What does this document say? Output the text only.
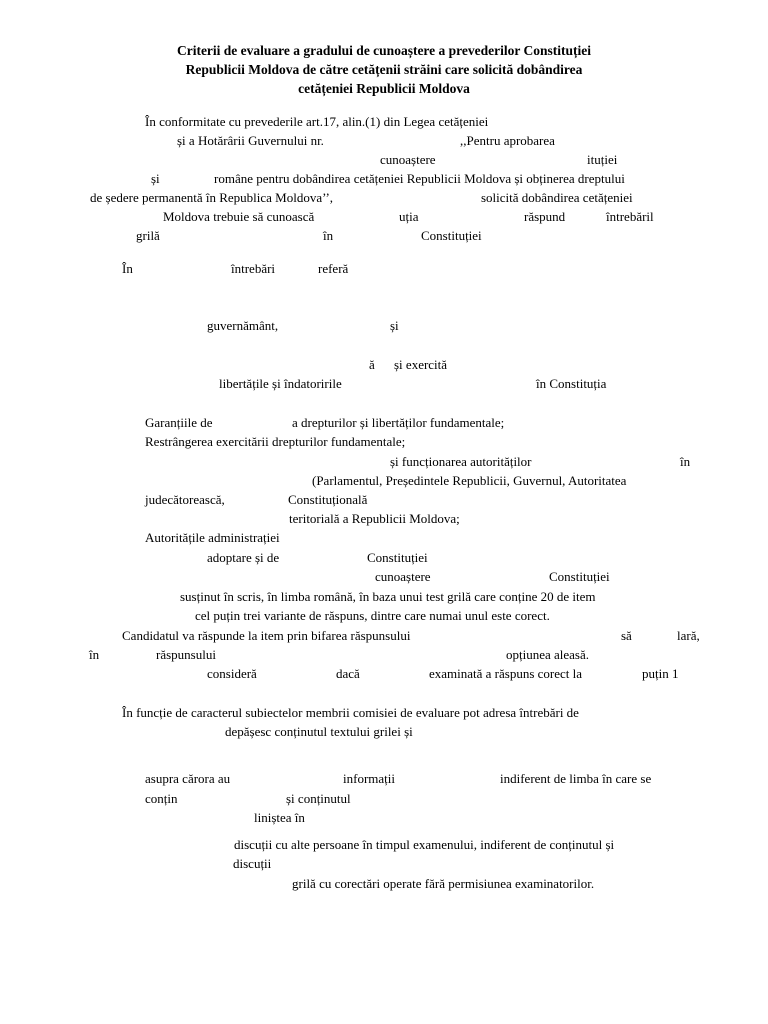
Criterii de evaluare a gradului de cunoaștere a prevederilor Constituției
Republicii Moldova de către cetățenii străini care solicită dobândirea
cetățeniei Republicii Moldova
În conformitate cu prevederile art.17, alin.(1) din Legea cetățeniei
și a Hotărârii Guvernului nr.	,,Pentru aprobarea
cunoaștere	ituției
și	române pentru dobândirea cetățeniei Republicii Moldova și obținerea dreptului
de ședere permanentă în Republica Moldova’’,	solicită dobândirea cetățeniei
Moldova trebuie să cunoască	uția	răspund	întrebăril
grilă	în	Constituției
În	întrebări	referă
guvernământ,	și
ă și exercită
libertățile și îndatoririle	în Constituția
Garanțiile de	a drepturilor și libertăților fundamentale;
Restrângerea exercitării drepturilor fundamentale;
și funcționarea autorităților	în
(Parlamentul, Președintele Republicii, Guvernul, Autoritatea
judecătorească,	Constituțională
teritorială a Republicii Moldova;
Autoritățile administrației
adoptare și de	Constituției
cunoaștere	Constituției
susținut în scris, în limba română, în baza unui test grilă care conține 20 de item
cel puțin trei variante de răspuns, dintre care numai unul este corect.
Candidatul va răspunde la item prin bifarea răspunsului	să	lară,
în	răspunsului	opțiunea aleasă.
consideră	dacă	examinată a răspuns corect la	puțin 1
În funcție de caracterul subiectelor membrii comisiei de evaluare pot adresa întrebări de
depășesc conținutul textului grilei și
asupra cărora au	informații	indiferent de limba în care se
conțin	și conținutul
liniștea în
discuții cu alte persoane în timpul examenului, indiferent de conținutul și
discuții
grilă cu corectări operate fără permisiunea examinatorilor.
